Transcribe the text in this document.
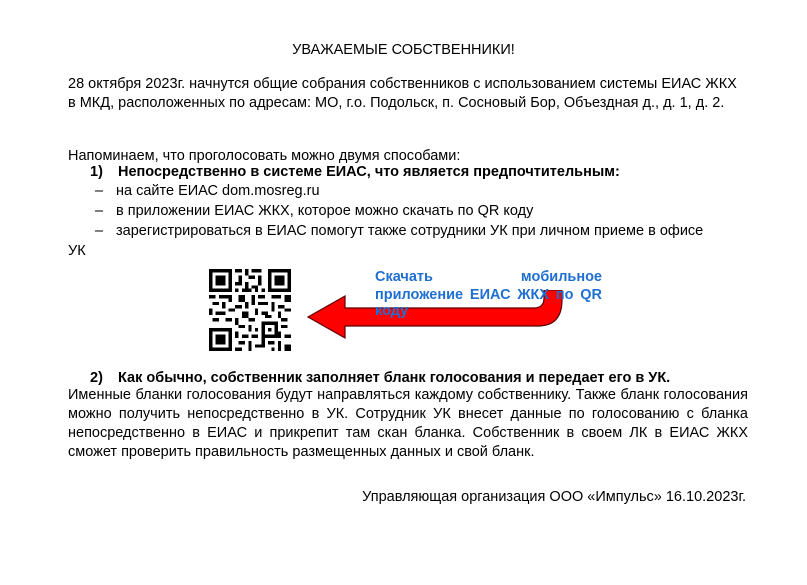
УВАЖАЕМЫЕ СОБСТВЕННИКИ!
28 октября 2023г. начнутся общие собрания собственников с использованием системы ЕИАС ЖКХ в МКД, расположенных по адресам: МО, г.о. Подольск, п. Сосновый Бор, Объездная д., д. 1, д. 2.
Напоминаем, что проголосовать можно двумя способами:
1) Непосредственно в системе ЕИАС, что является предпочтительным:
– на сайте ЕИАС dom.mosreg.ru
– в приложении ЕИАС ЖКХ, которое можно скачать по QR коду
– зарегистрироваться в ЕИАС помогут также сотрудники УК при личном приеме в офисе
УК
Скачать мобильное
приложение ЕИАС ЖКХ по QR
коду
2) Как обычно, собственник заполняет бланк голосования и передает его в УК.
Именные бланки голосования будут направляться каждому собственнику. Также бланк голосования можно получить непосредственно в УК. Сотрудник УК внесет данные по голосованию с бланка непосредственно в ЕИАС и прикрепит там скан бланка. Собственник в своем ЛК в ЕИАС ЖКХ сможет проверить правильность размещенных данных и свой бланк.
Управляющая организация ООО «Импульс» 16.10.2023г.
